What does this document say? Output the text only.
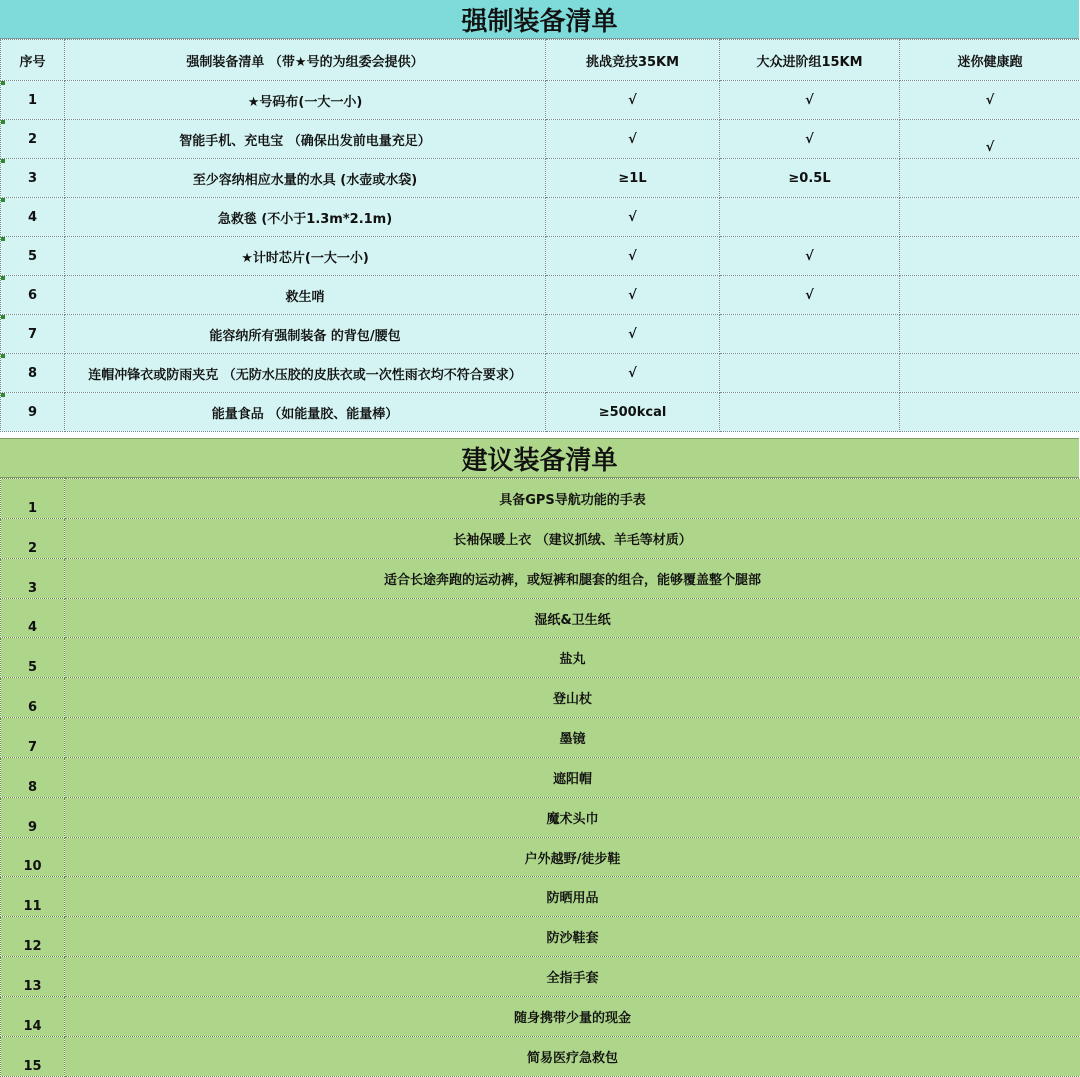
强制装备清单
序号	强制装备清单 （带★号的为组委会提供）	挑战竞技35KM	大众进阶组15KM	迷你健康跑
1	★号码布(一大一小)	√	√	√
2	智能手机、充电宝 （确保出发前电量充足）	√	√	√
3	至少容纳相应水量的水具 (水壶或水袋)	≥1L	≥0.5L	
4	急救毯 (不小于1.3m*2.1m)	√		
5	★计时芯片(一大一小)	√	√	
6	救生哨	√	√	
7	能容纳所有强制装备 的背包/腰包	√		
8	连帽冲锋衣或防雨夹克 （无防水压胶的皮肤衣或一次性雨衣均不符合要求）	√		
9	能量食品 （如能量胶、能量棒）	≥500kcal		
建议装备清单
1	具备GPS导航功能的手表
2	长袖保暖上衣 （建议抓绒、羊毛等材质）
3	适合长途奔跑的运动裤，或短裤和腿套的组合，能够覆盖整个腿部
4	湿纸&卫生纸
5	盐丸
6	登山杖
7	墨镜
8	遮阳帽
9	魔术头巾
10	户外越野/徒步鞋
11	防晒用品
12	防沙鞋套
13	全指手套
14	随身携带少量的现金
15	简易医疗急救包
